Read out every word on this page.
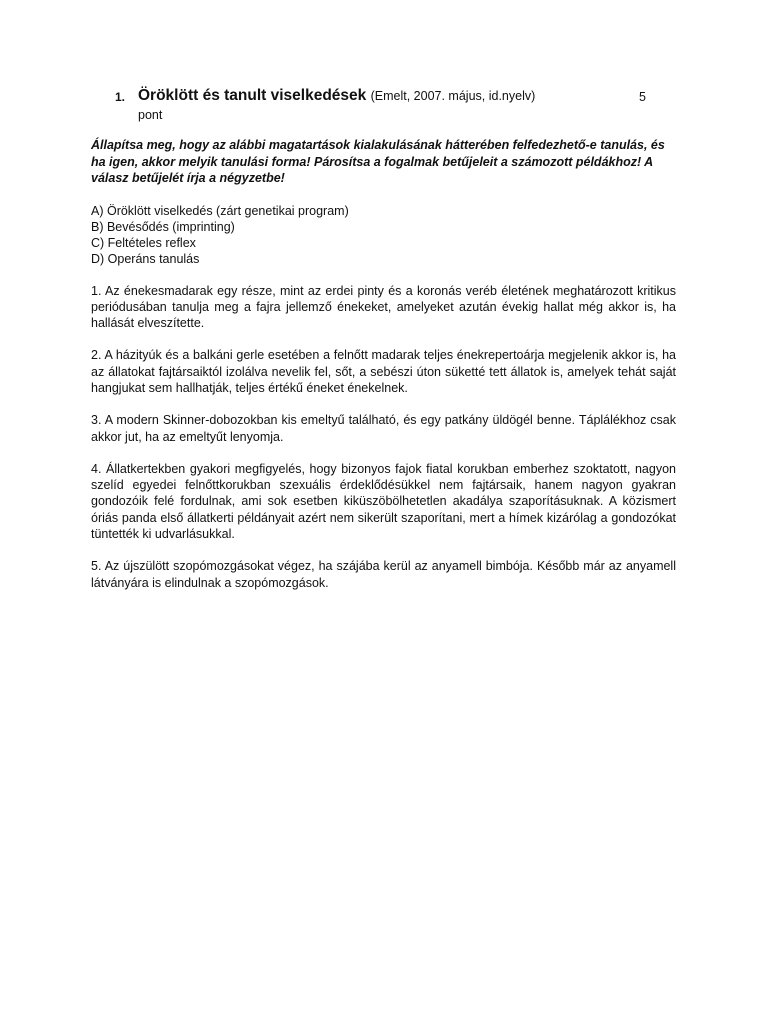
1. Öröklött és tanult viselkedések (Emelt, 2007. május, id.nyelv)	5
pont
Állapítsa meg, hogy az alábbi magatartások kialakulásának hátterében felfedezhető-e tanulás, és ha igen, akkor melyik tanulási forma! Párosítsa a fogalmak betűjeleit a számozott példákhoz! A válasz betűjelét írja a négyzetbe!
A) Öröklött viselkedés (zárt genetikai program)
B) Bevésődés (imprinting)
C) Feltételes reflex
D) Operáns tanulás
1. Az énekesmadarak egy része, mint az erdei pinty és a koronás veréb életének meghatározott kritikus periódusában tanulja meg a fajra jellemző énekeket, amelyeket azután évekig hallat még akkor is, ha hallását elveszítette.
2. A házityúk és a balkáni gerle esetében a felnőtt madarak teljes énekrepertoárja megjelenik akkor is, ha az állatokat fajtársaiktól izolálva nevelik fel, sőt, a sebészi úton süketté tett állatok is, amelyek tehát saját hangjukat sem hallhatják, teljes értékű éneket énekelnek.
3. A modern Skinner-dobozokban kis emeltyű található, és egy patkány üldögél benne. Táplálékhoz csak akkor jut, ha az emeltyűt lenyomja.
4. Állatkertekben gyakori megfigyelés, hogy bizonyos fajok fiatal korukban emberhez szoktatott, nagyon szelíd egyedei felnőttkorukban szexuális érdeklődésükkel nem fajtársaik, hanem nagyon gyakran gondozóik felé fordulnak, ami sok esetben kiküszöbölhetetlen akadálya szaporításuknak. A közismert óriás panda első állatkerti példányait azért nem sikerült szaporítani, mert a hímek kizárólag a gondozókat tüntették ki udvarlásukkal.
5. Az újszülött szopómozgásokat végez, ha szájába kerül az anyamell bimbója. Később már az anyamell látványára is elindulnak a szopómozgások.
